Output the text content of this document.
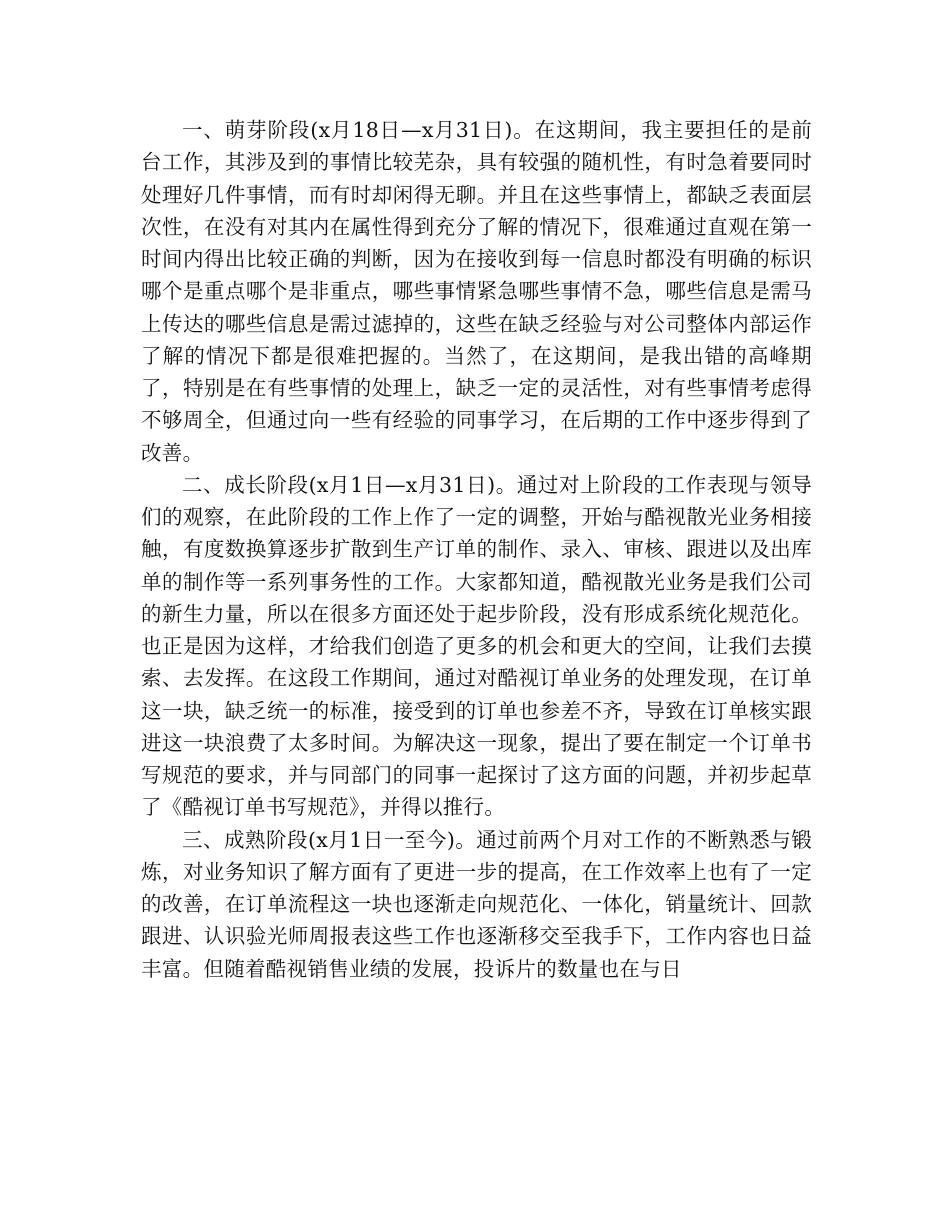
一、萌芽阶段(x月18日—x月31日)。在这期间，我主要担任的是前台工作，其涉及到的事情比较芜杂，具有较强的随机性，有时急着要同时处理好几件事情，而有时却闲得无聊。并且在这些事情上，都缺乏表面层次性，在没有对其内在属性得到充分了解的情况下，很难通过直观在第一时间内得出比较正确的判断，因为在接收到每一信息时都没有明确的标识哪个是重点哪个是非重点，哪些事情紧急哪些事情不急，哪些信息是需马上传达的哪些信息是需过滤掉的，这些在缺乏经验与对公司整体内部运作了解的情况下都是很难把握的。当然了，在这期间，是我出错的高峰期了，特别是在有些事情的处理上，缺乏一定的灵活性，对有些事情考虑得不够周全，但通过向一些有经验的同事学习，在后期的工作中逐步得到了改善。

二、成长阶段(x月1日—x月31日)。通过对上阶段的工作表现与领导们的观察，在此阶段的工作上作了一定的调整，开始与酷视散光业务相接触，有度数换算逐步扩散到生产订单的制作、录入、审核、跟进以及出库单的制作等一系列事务性的工作。大家都知道，酷视散光业务是我们公司的新生力量，所以在很多方面还处于起步阶段，没有形成系统化规范化。也正是因为这样，才给我们创造了更多的机会和更大的空间，让我们去摸索、去发挥。在这段工作期间，通过对酷视订单业务的处理发现，在订单这一块，缺乏统一的标准，接受到的订单也参差不齐，导致在订单核实跟进这一块浪费了太多时间。为解决这一现象，提出了要在制定一个订单书写规范的要求，并与同部门的同事一起探讨了这方面的问题，并初步起草了《酷视订单书写规范》，并得以推行。

三、成熟阶段(x月1日一至今)。通过前两个月对工作的不断熟悉与锻炼，对业务知识了解方面有了更进一步的提高，在工作效率上也有了一定的改善，在订单流程这一块也逐渐走向规范化、一体化，销量统计、回款跟进、认识验光师周报表这些工作也逐渐移交至我手下，工作内容也日益丰富。但随着酷视销售业绩的发展，投诉片的数量也在与日
